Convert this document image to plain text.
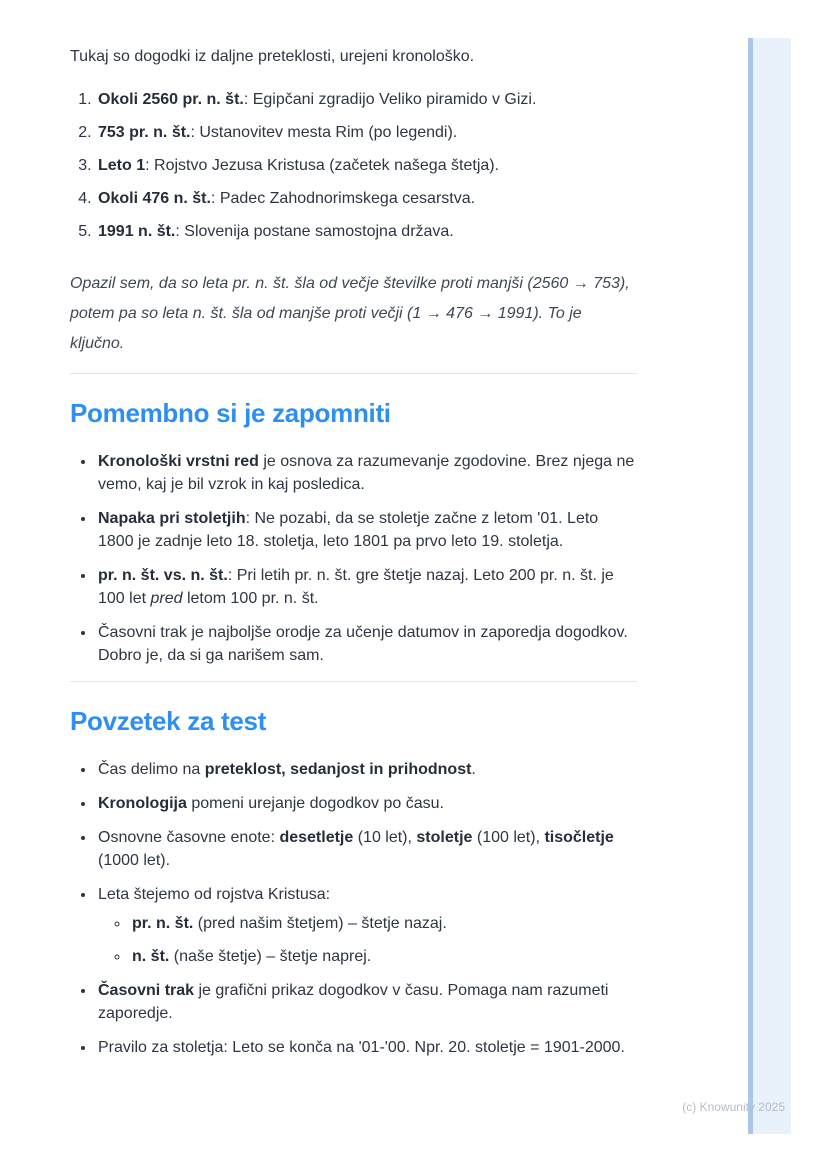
Tukaj so dogodki iz daljne preteklosti, urejeni kronološko.

1. Okoli 2560 pr. n. št.: Egipčani zgradijo Veliko piramido v Gizi.
2. 753 pr. n. št.: Ustanovitev mesta Rim (po legendi).
3. Leto 1: Rojstvo Jezusa Kristusa (začetek našega štetja).
4. Okoli 476 n. št.: Padec Zahodnorimskega cesarstva.
5. 1991 n. št.: Slovenija postane samostojna država.

Opazil sem, da so leta pr. n. št. šla od večje številke proti manjši (2560 → 753), potem pa so leta n. št. šla od manjše proti večji (1 → 476 → 1991). To je ključno.

Pomembno si je zapomniti
• Kronološki vrstni red je osnova za razumevanje zgodovine. Brez njega ne vemo, kaj je bil vzrok in kaj posledica.
• Napaka pri stoletjih: Ne pozabi, da se stoletje začne z letom '01. Leto 1800 je zadnje leto 18. stoletja, leto 1801 pa prvo leto 19. stoletja.
• pr. n. št. vs. n. št.: Pri letih pr. n. št. gre štetje nazaj. Leto 200 pr. n. št. je 100 let pred letom 100 pr. n. št.
• Časovni trak je najboljše orodje za učenje datumov in zaporedja dogodkov. Dobro je, da si ga narišem sam.
Povzetek za test
• Čas delimo na preteklost, sedanjost in prihodnost.
• Kronologija pomeni urejanje dogodkov po času.
• Osnovne časovne enote: desetletje (10 let), stoletje (100 let), tisočletje (1000 let).
• Leta štejemo od rojstva Kristusa:
◦ pr. n. št. (pred našim štetjem) – štetje nazaj.
◦ n. št. (naše štetje) – štetje naprej.
• Časovni trak je grafični prikaz dogodkov v času. Pomaga nam razumeti zaporedje.
• Pravilo za stoletja: Leto se konča na '01-'00. Npr. 20. stoletje = 1901-2000.
(c) Knowunity 2025
